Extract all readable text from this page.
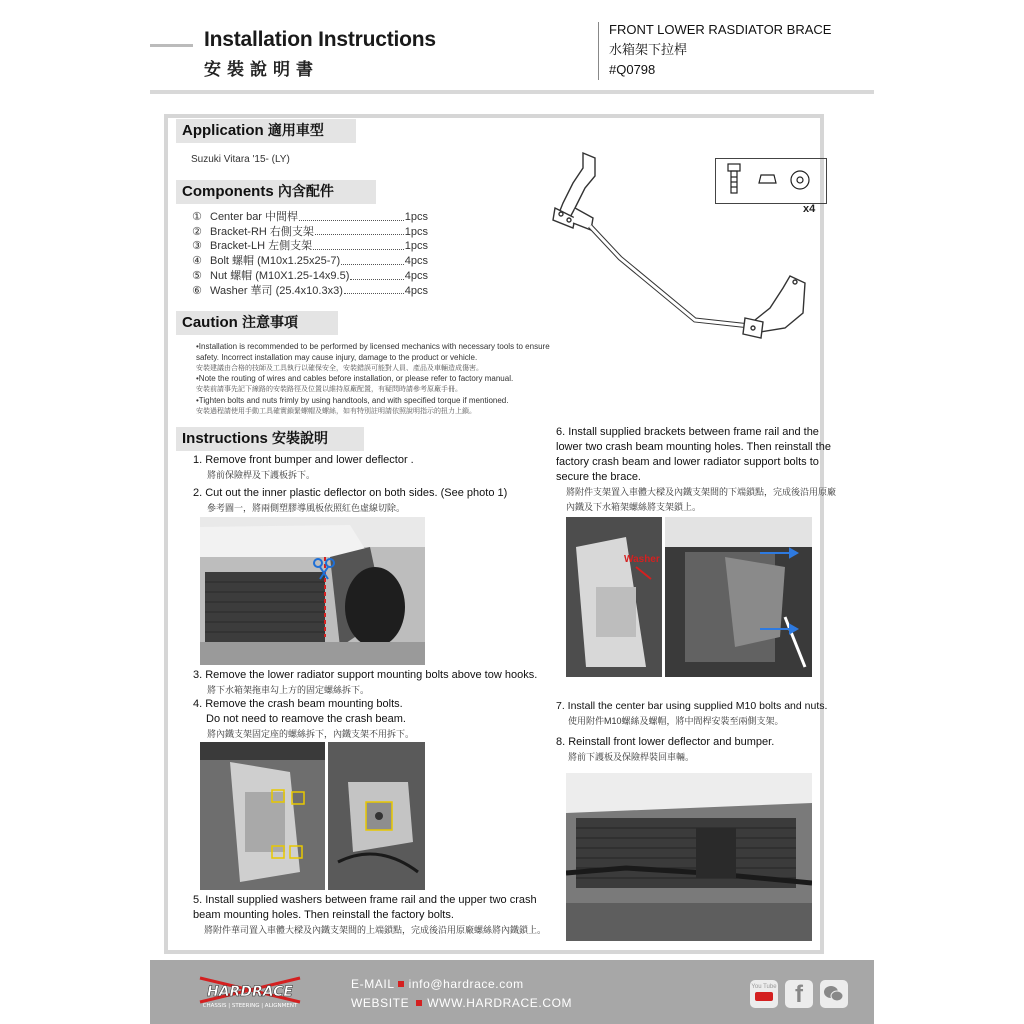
Installation Instructions
安裝說明書
FRONT LOWER RASDIATOR BRACE
水箱架下拉桿
#Q0798
Application 適用車型
Suzuki Vitara '15- (LY)
Components 內含配件
① Center bar 中間桿	1pcs
② Bracket-RH 右側支架	1pcs
③ Bracket-LH 左側支架	1pcs
④ Bolt 螺帽 (M10x1.25x25-7)	4pcs
⑤ Nut 螺帽 (M10X1.25-14x9.5)	4pcs
⑥ Washer 華司 (25.4x10.3x3)	4pcs
x4
Caution 注意事項
•Installation is recommended to be performed by licensed mechanics with necessary tools to ensure safety. Incorrect installation may cause injury, damage to the product or vehicle.
安裝建議由合格的技師及工具執行以確保安全，安裝錯誤可能對人員、產品及車輛造成傷害。
•Note the routing of wires and cables before installation, or please refer to factory manual.
安裝前請事先記下線路的安裝路徑及位置以維持原廠配置，有疑問時請參考原廠手冊。
•Tighten bolts and nuts frimly by using handtools, and with specified torque if mentioned.
安裝過程請使用手動工具確實鎖緊螺帽及螺絲，如有特別註明請依照說明指示的扭力上鎖。
Instructions 安裝說明
1. Remove front bumper and lower deflector .
將前保險桿及下護板拆下。
2. Cut out the inner plastic deflector on both sides. (See photo 1)
參考圖一，將兩側塑膠導風板依照紅色虛線切除。
3. Remove the lower radiator support mounting bolts above tow hooks.
將下水箱架拖車勾上方的固定螺絲拆下。
4. Remove the crash beam mounting bolts.
Do not need to reamove the crash beam.
將內鐵支架固定座的螺絲拆下，內鐵支架不用拆下。
5. Install supplied washers between frame rail and the upper two crash beam mounting holes. Then reinstall the factory bolts.
將附件華司置入車體大樑及內鐵支架間的上端鎖點，完成後沿用原廠螺絲將內鐵鎖上。
6. Install supplied brackets between frame rail and the lower two crash beam mounting holes. Then reinstall the factory crash beam and lower radiator support bolts to secure the brace.
將附件支架置入車體大樑及內鐵支架間的下端鎖點，完成後沿用原廠內鐵及下水箱架螺絲將支架鎖上。
Washer
7. Install the center bar using supplied M10 bolts and nuts.
使用附件M10螺絲及螺帽，將中間桿安裝至兩側支架。
8. Reinstall front lower deflector and bumper.
將前下護板及保險桿裝回車輛。
HARDRACE
CHASSIS | STEERING | ALIGNMENT
E-MAIL info@hardrace.com
WEBSITE WWW.HARDRACE.COM
You Tube f
